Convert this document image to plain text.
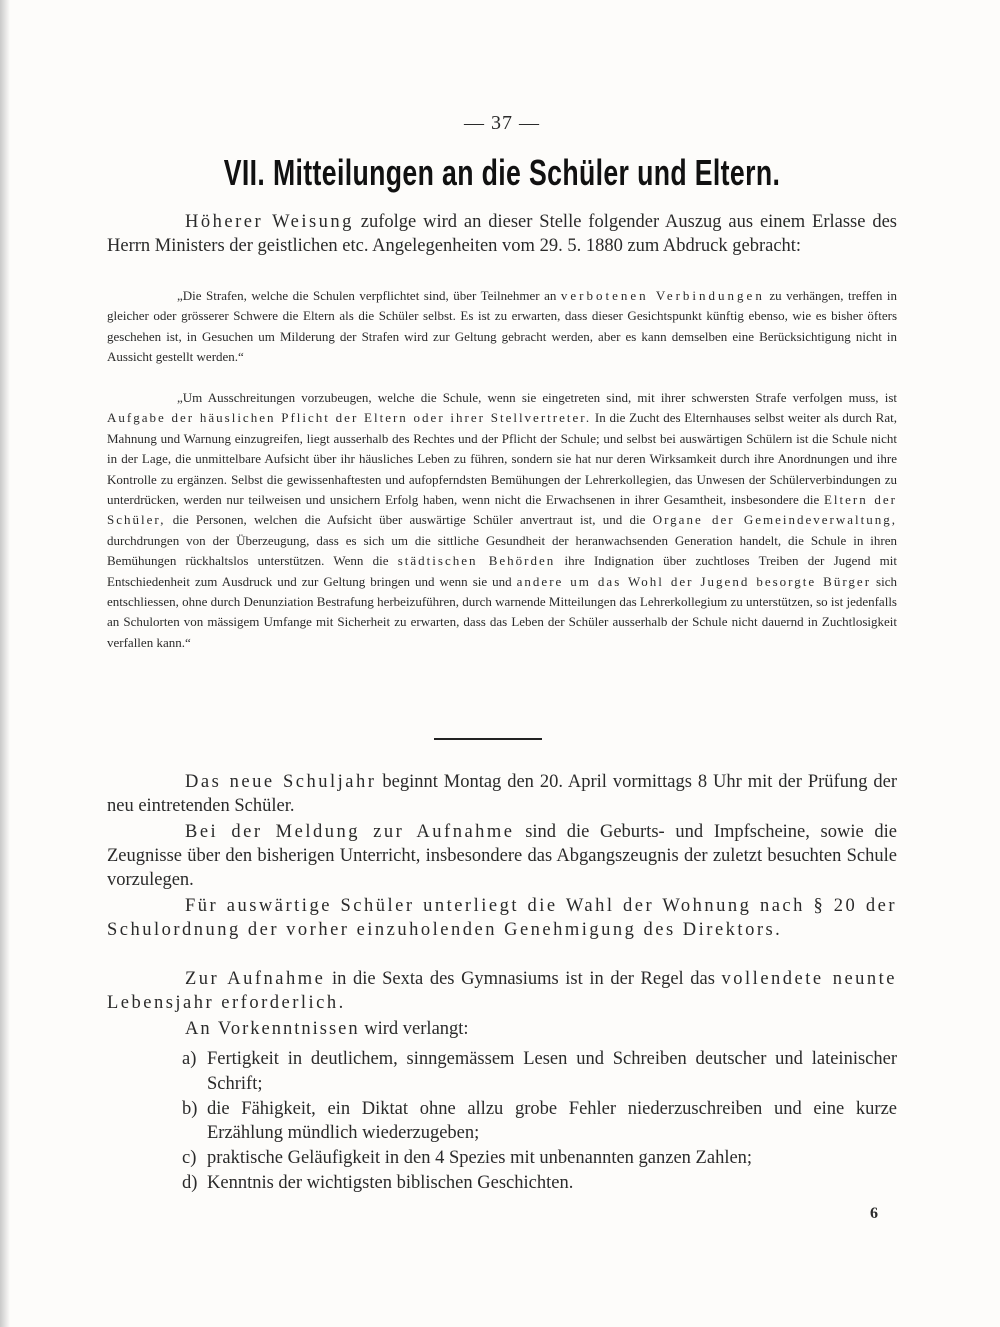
— 37 —
VII. Mitteilungen an die Schüler und Eltern.

Höherer Weisung zufolge wird an dieser Stelle folgender Auszug aus einem Erlasse des Herrn Ministers der geistlichen etc. Angelegenheiten vom 29. 5. 1880 zum Abdruck gebracht:

„Die Strafen, welche die Schulen verpflichtet sind, über Teilnehmer an verbotenen Verbindungen zu verhängen, treffen in gleicher oder grösserer Schwere die Eltern als die Schüler selbst. Es ist zu erwarten, dass dieser Gesichtspunkt künftig ebenso, wie es bisher öfters geschehen ist, in Gesuchen um Milderung der Strafen wird zur Geltung gebracht werden, aber es kann demselben eine Berücksichtigung nicht in Aussicht gestellt werden.“

„Um Ausschreitungen vorzubeugen, welche die Schule, wenn sie eingetreten sind, mit ihrer schwersten Strafe verfolgen muss, ist Aufgabe der häuslichen Pflicht der Eltern oder ihrer Stellvertreter. In die Zucht des Elternhauses selbst weiter als durch Rat, Mahnung und Warnung einzugreifen, liegt ausserhalb des Rechtes und der Pflicht der Schule; und selbst bei auswärtigen Schülern ist die Schule nicht in der Lage, die unmittelbare Aufsicht über ihr häusliches Leben zu führen, sondern sie hat nur deren Wirksamkeit durch ihre Anordnungen und ihre Kontrolle zu ergänzen. Selbst die gewissenhaftesten und aufopferndsten Bemühungen der Lehrerkollegien, das Unwesen der Schülerverbindungen zu unterdrücken, werden nur teilweisen und unsichern Erfolg haben, wenn nicht die Erwachsenen in ihrer Gesamtheit, insbesondere die Eltern der Schüler, die Personen, welchen die Aufsicht über auswärtige Schüler anvertraut ist, und die Organe der Gemeindeverwaltung, durchdrungen von der Überzeugung, dass es sich um die sittliche Gesundheit der heranwachsenden Generation handelt, die Schule in ihren Bemühungen rückhaltslos unterstützen. Wenn die städtischen Behörden ihre Indignation über zuchtloses Treiben der Jugend mit Entschiedenheit zum Ausdruck und zur Geltung bringen und wenn sie und andere um das Wohl der Jugend besorgte Bürger sich entschliessen, ohne durch Denunziation Bestrafung herbeizuführen, durch warnende Mitteilungen das Lehrerkollegium zu unterstützen, so ist jedenfalls an Schulorten von mässigem Umfange mit Sicherheit zu erwarten, dass das Leben der Schüler ausserhalb der Schule nicht dauernd in Zuchtlosigkeit verfallen kann.“

Das neue Schuljahr beginnt Montag den 20. April vormittags 8 Uhr mit der Prüfung der neu eintretenden Schüler.

Bei der Meldung zur Aufnahme sind die Geburts- und Impfscheine, sowie die Zeugnisse über den bisherigen Unterricht, insbesondere das Abgangszeugnis der zuletzt besuchten Schule vorzulegen.

Für auswärtige Schüler unterliegt die Wahl der Wohnung nach § 20 der Schulordnung der vorher einzuholenden Genehmigung des Direktors.

Zur Aufnahme in die Sexta des Gymnasiums ist in der Regel das vollendete neunte Lebensjahr erforderlich.

An Vorkenntnissen wird verlangt:

a) Fertigkeit in deutlichem, sinngemässem Lesen und Schreiben deutscher und lateinischer Schrift;
b) die Fähigkeit, ein Diktat ohne allzu grobe Fehler niederzuschreiben und eine kurze Erzählung mündlich wiederzugeben;
c) praktische Geläufigkeit in den 4 Spezies mit unbenannten ganzen Zahlen;
d) Kenntnis der wichtigsten biblischen Geschichten.
6
